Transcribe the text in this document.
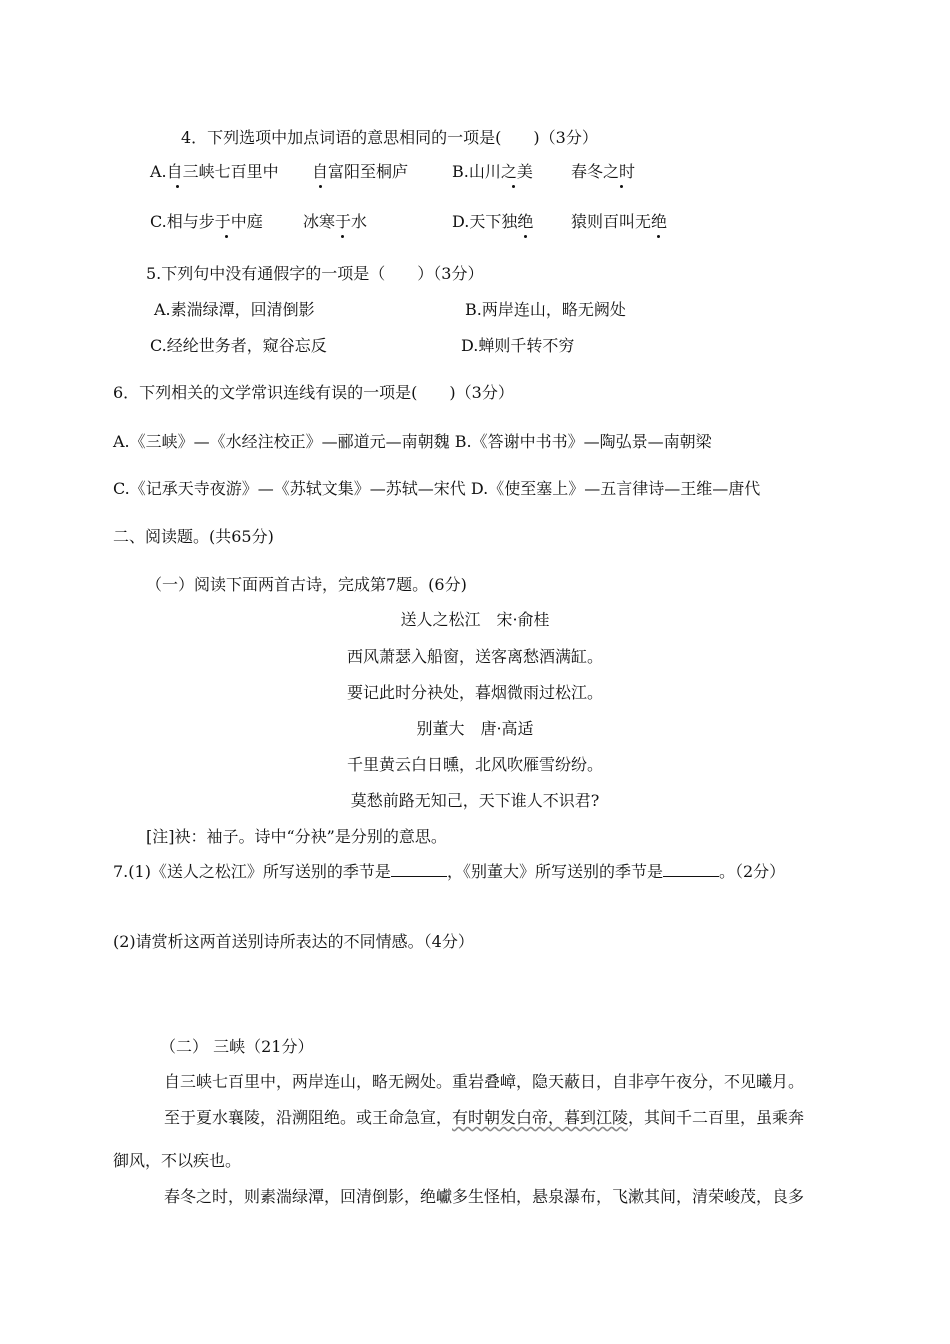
4．下列选项中加点词语的意思相同的一项是(　　)（3分）
A.自三峡七百里中 自富阳至桐庐	B.山川之美 春冬之时
C.相与步于中庭	冰寒于水	D.天下独绝 猿则百叫无绝
5.下列句中没有通假字的一项是（　　）（3分）
A.素湍绿潭，回清倒影	B.两岸连山，略无阙处
C.经纶世务者，窥谷忘反	D.蝉则千转不穷
6．下列相关的文学常识连线有误的一项是(　　)（3分）
A.《三峡》—《水经注校正》—郦道元—南朝魏 B.《答谢中书书》—陶弘景—南朝梁
C.《记承天寺夜游》—《苏轼文集》—苏轼—宋代 D.《使至塞上》—五言律诗—王维—唐代
二、阅读题。(共65分)
（一）阅读下面两首古诗，完成第7题。(6分)
送人之松江　宋·俞桂
西风萧瑟入船窗，送客离愁酒满缸。
要记此时分袂处，暮烟微雨过松江。
别董大　唐·高适
千里黄云白日曛，北风吹雁雪纷纷。
莫愁前路无知己，天下谁人不识君?
[注]袂：袖子。诗中“分袂”是分别的意思。
7.(1)《送人之松江》所写送别的季节是	，《别董大》所写送别的季节是	。（2分）
(2)请赏析这两首送别诗所表达的不同情感。（4分）
（二） 三峡（21分）
自三峡七百里中，两岸连山，略无阙处。重岩叠嶂，隐天蔽日，自非亭午夜分，不见曦月。
至于夏水襄陵，沿溯阻绝。或王命急宣，有时朝发白帝，暮到江陵，其间千二百里，虽乘奔
御风，不以疾也。
春冬之时，则素湍绿潭，回清倒影，绝巘多生怪柏，悬泉瀑布，飞漱其间，清荣峻茂，良多
